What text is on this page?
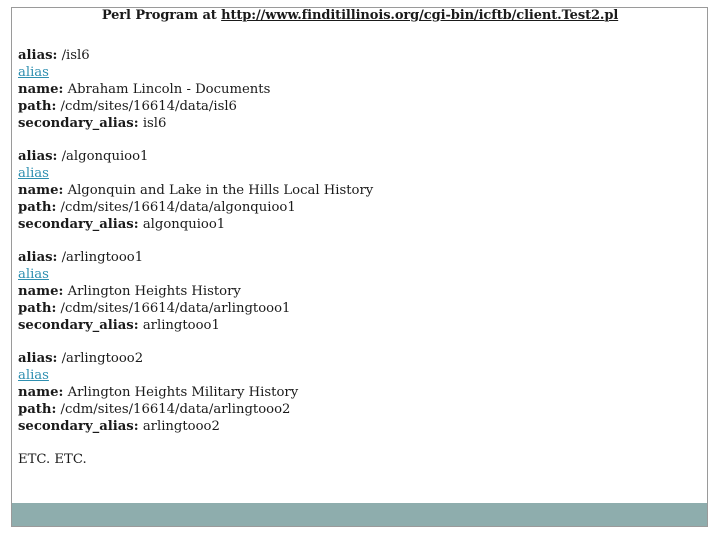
Perl Program at http://www.finditillinois.org/cgi-bin/icftb/client.Test2.pl
alias: /isl6
alias
name: Abraham Lincoln - Documents
path: /cdm/sites/16614/data/isl6
secondary_alias: isl6
alias: /algonquioo1
alias
name: Algonquin and Lake in the Hills Local History
path: /cdm/sites/16614/data/algonquioo1
secondary_alias: algonquioo1
alias: /arlingtooo1
alias
name: Arlington Heights History
path: /cdm/sites/16614/data/arlingtooo1
secondary_alias: arlingtooo1
alias: /arlingtooo2
alias
name: Arlington Heights Military History
path: /cdm/sites/16614/data/arlingtooo2
secondary_alias: arlingtooo2
ETC. ETC.
